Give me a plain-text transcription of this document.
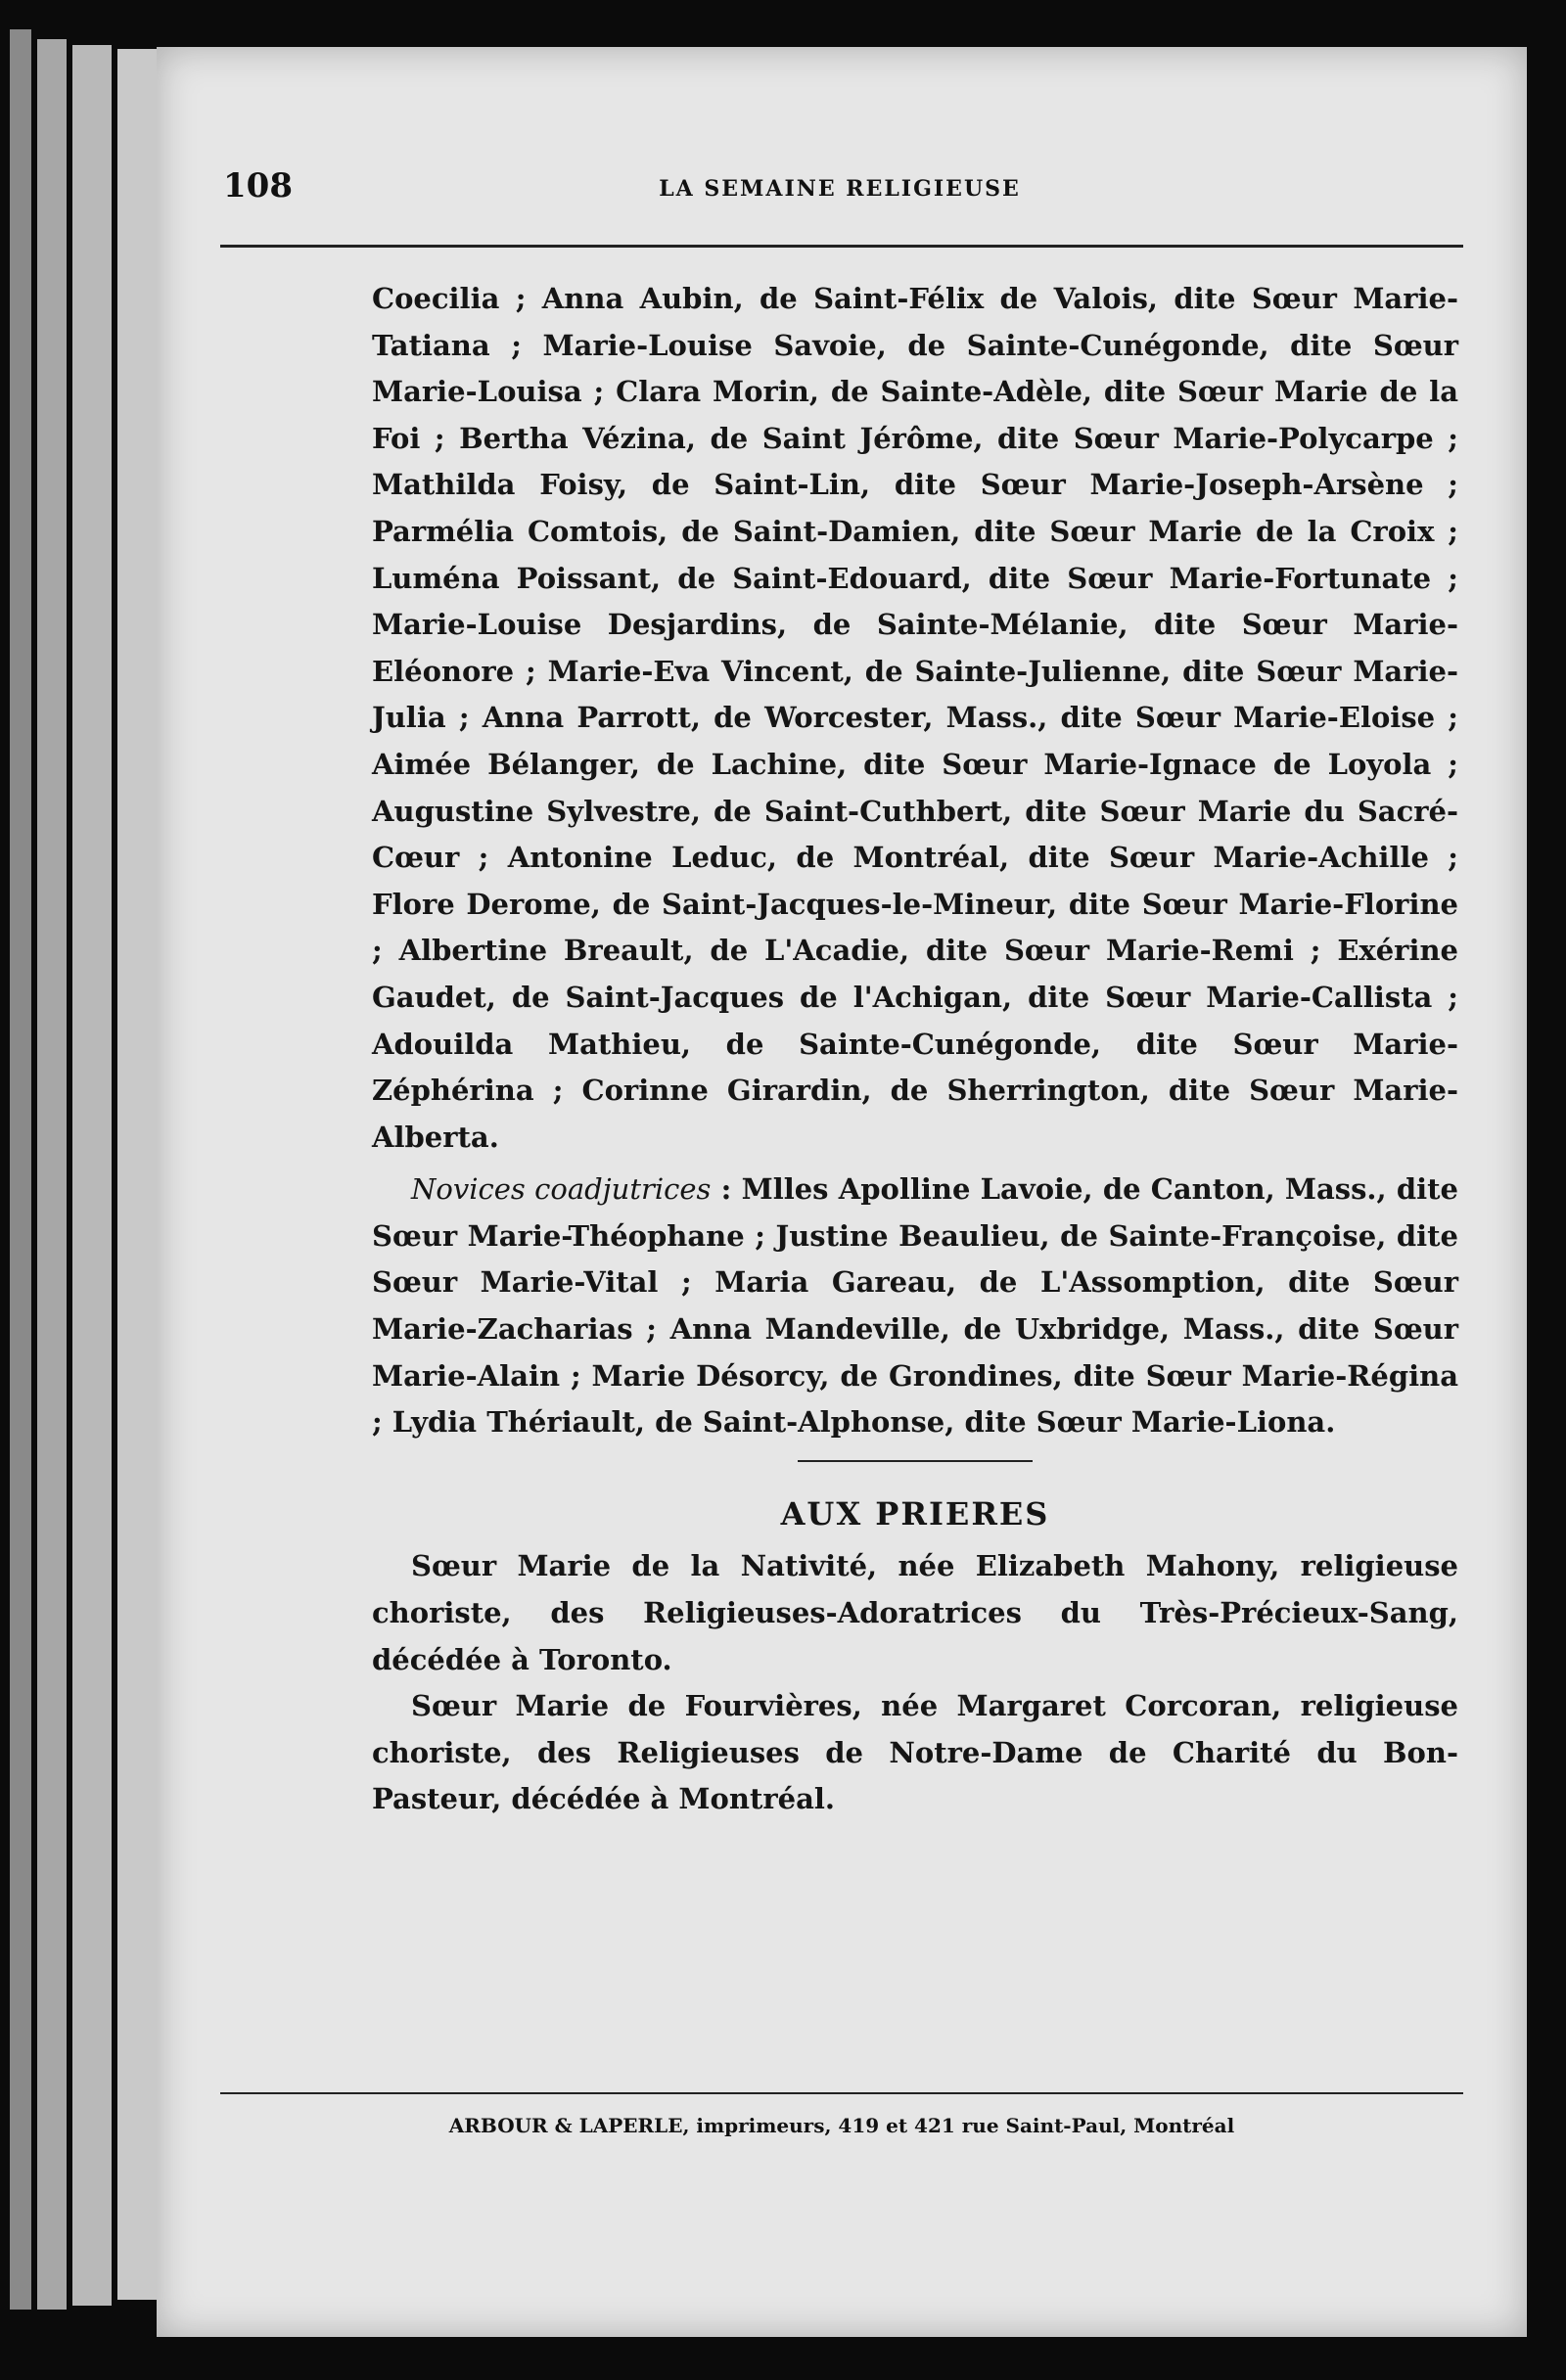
108	LA SEMAINE RELIGIEUSE

Coecilia ; Anna Aubin, de Saint-Félix de Valois, dite Sœur Marie-Tatiana ; Marie-Louise Savoie, de Sainte-Cunégonde, dite Sœur Marie-Louisa ; Clara Morin, de Sainte-Adèle, dite Sœur Marie de la Foi ; Bertha Vézina, de Saint Jérôme, dite Sœur Marie-Polycarpe ; Mathilda Foisy, de Saint-Lin, dite Sœur Marie-Joseph-Arsène ; Parmélia Comtois, de Saint-Damien, dite Sœur Marie de la Croix ; Luména Poissant, de Saint-Edouard, dite Sœur Marie-Fortunate ; Marie-Louise Desjardins, de Sainte-Mélanie, dite Sœur Marie-Eléonore ; Marie-Eva Vincent, de Sainte-Julienne, dite Sœur Marie-Julia ; Anna Parrott, de Worcester, Mass., dite Sœur Marie-Eloise ; Aimée Bélanger, de Lachine, dite Sœur Marie-Ignace de Loyola ; Augustine Sylvestre, de Saint-Cuthbert, dite Sœur Marie du Sacré-Cœur ; Antonine Leduc, de Montréal, dite Sœur Marie-Achille ; Flore Derome, de Saint-Jacques-le-Mineur, dite Sœur Marie-Florine ; Albertine Breault, de L'Acadie, dite Sœur Marie-Remi ; Exérine Gaudet, de Saint-Jacques de l'Achigan, dite Sœur Marie-Callista ; Adouilda Mathieu, de Sainte-Cunégonde, dite Sœur Marie-Zéphérina ; Corinne Girardin, de Sherrington, dite Sœur Marie-Alberta.

Novices coadjutrices : Mlles Apolline Lavoie, de Canton, Mass., dite Sœur Marie-Théophane ; Justine Beaulieu, de Sainte-Françoise, dite Sœur Marie-Vital ; Maria Gareau, de L'Assomption, dite Sœur Marie-Zacharias ; Anna Mandeville, de Uxbridge, Mass., dite Sœur Marie-Alain ; Marie Désorcy, de Grondines, dite Sœur Marie-Régina ; Lydia Thériault, de Saint-Alphonse, dite Sœur Marie-Liona.

AUX PRIERES

Sœur Marie de la Nativité, née Elizabeth Mahony, religieuse choriste, des Religieuses-Adoratrices du Très-Précieux-Sang, décédée à Toronto.

Sœur Marie de Fourvières, née Margaret Corcoran, religieuse choriste, des Religieuses de Notre-Dame de Charité du Bon-Pasteur, décédée à Montréal.

ARBOUR & LAPERLE, imprimeurs, 419 et 421 rue Saint-Paul, Montréal
